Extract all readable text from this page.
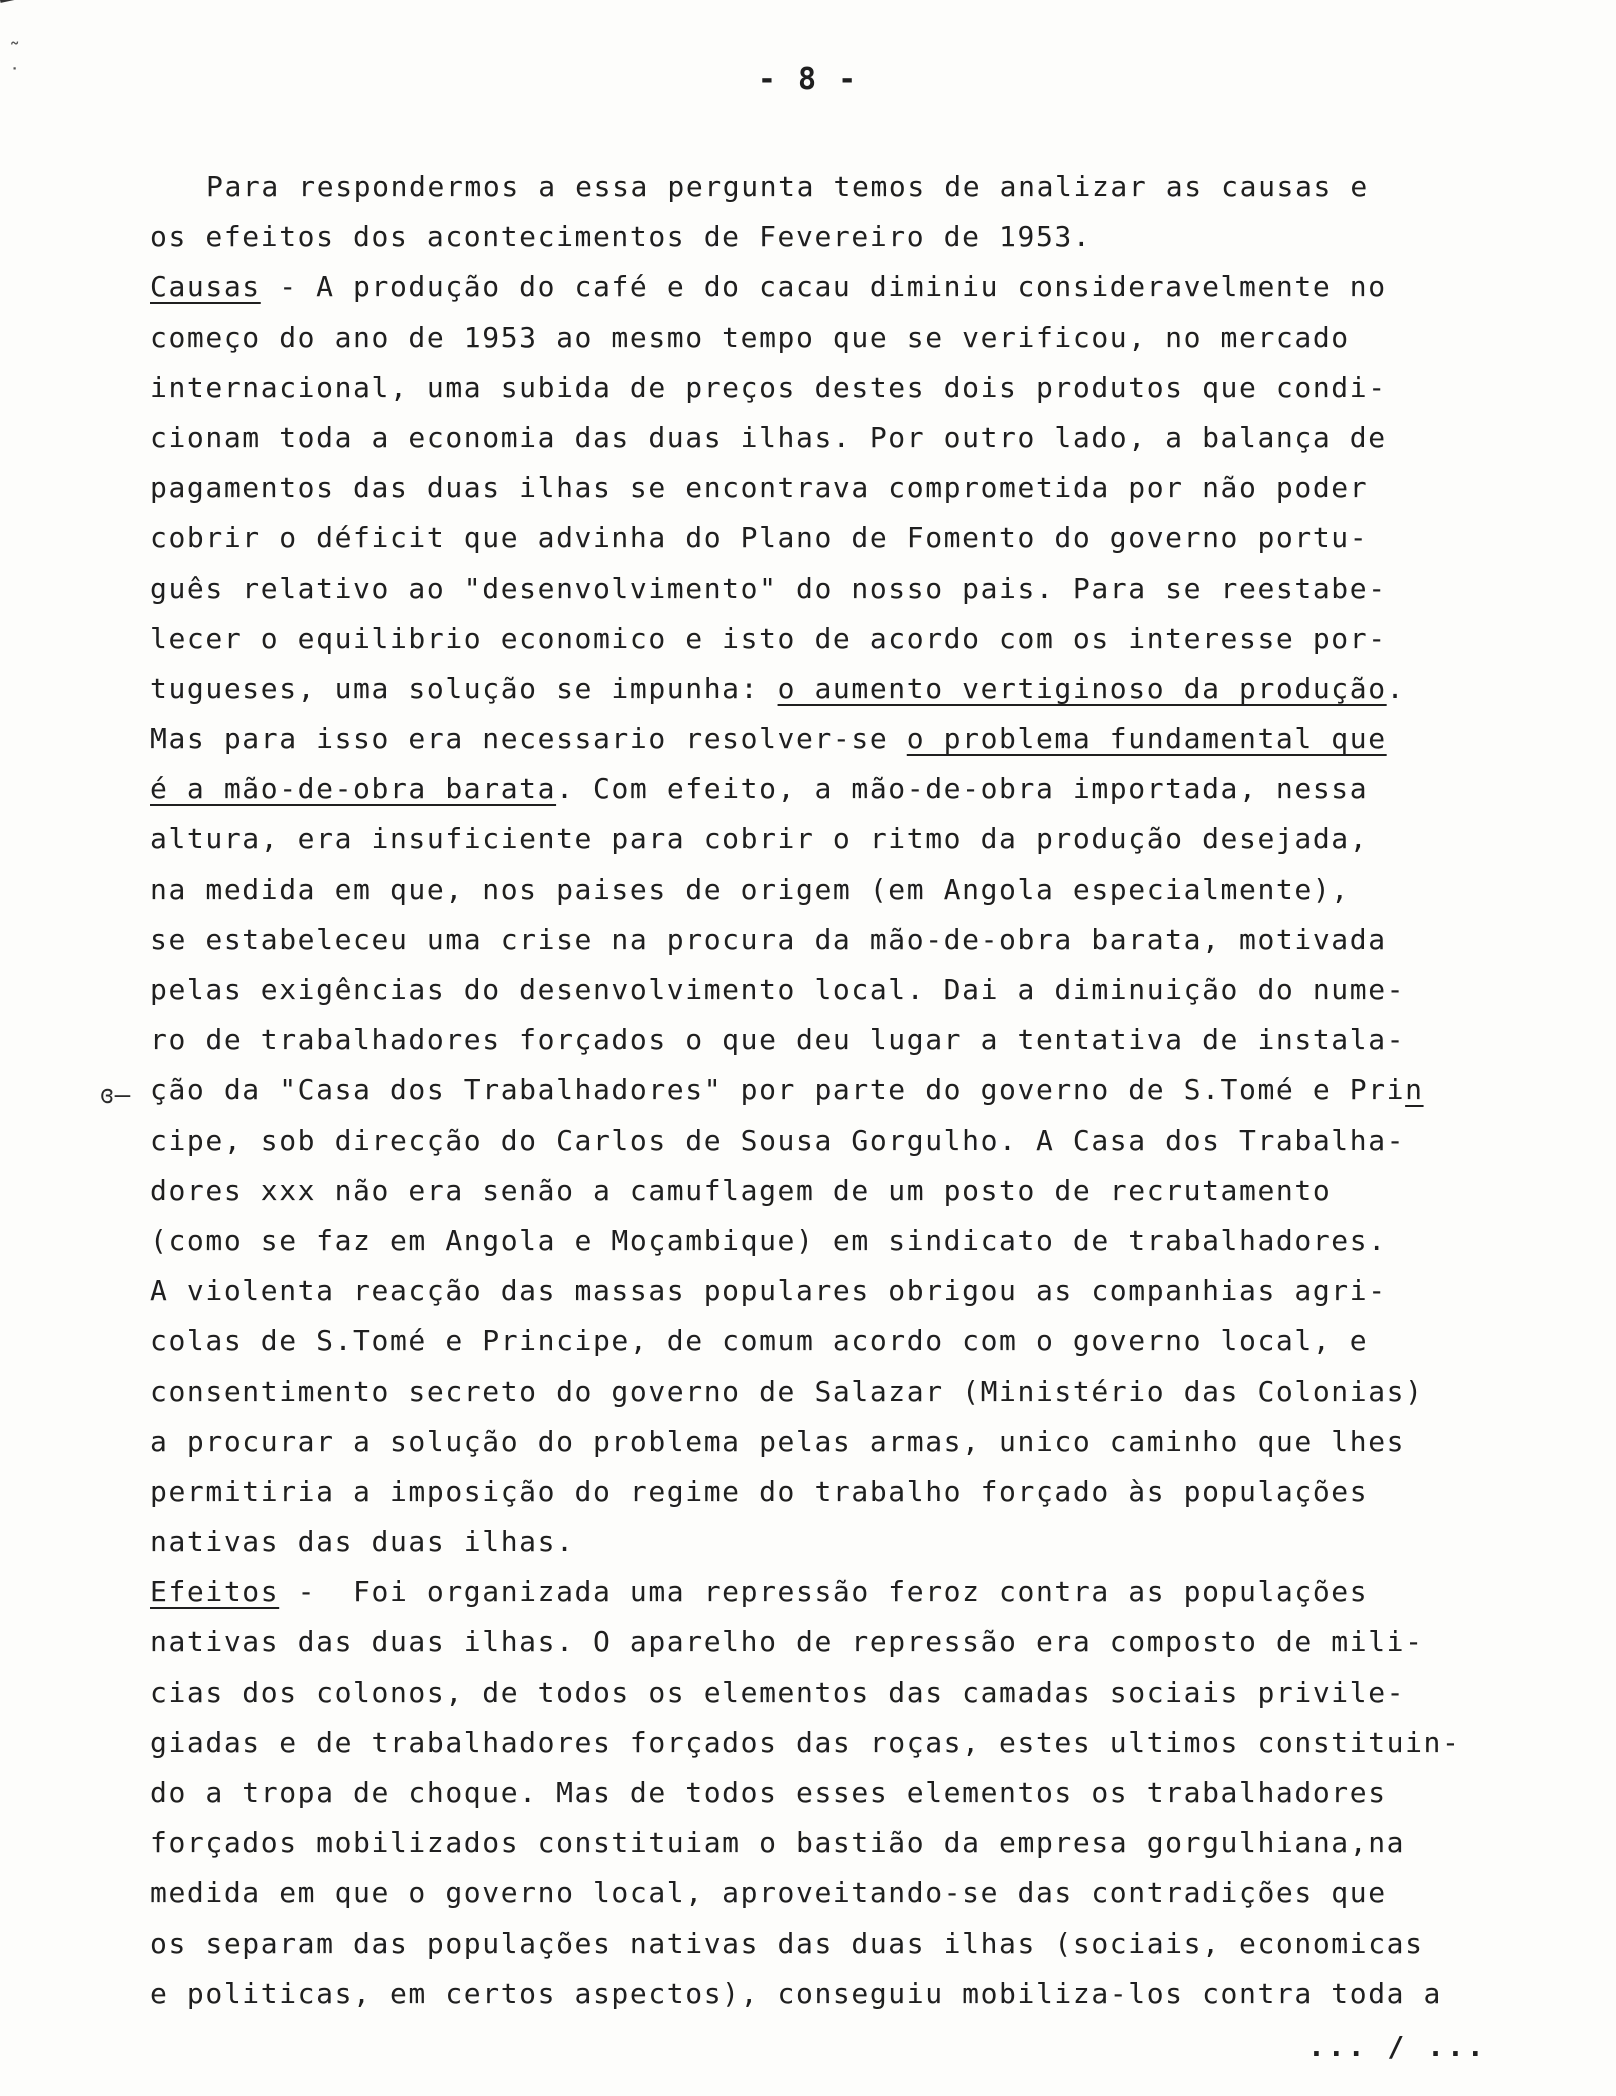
˜ ˙	- 8 -
ɞ–
Para respondermos a essa pergunta temos de analizar as causas e
os efeitos dos acontecimentos de Fevereiro de 1953.
Causas - A produção do café e do cacau diminiu consideravelmente no
começo do ano de 1953 ao mesmo tempo que se verificou, no mercado
internacional, uma subida de preços destes dois produtos que condi-
cionam toda a economia das duas ilhas. Por outro lado, a balança de
pagamentos das duas ilhas se encontrava comprometida por não poder
cobrir o déficit que advinha do Plano de Fomento do governo portu-
guês relativo ao "desenvolvimento" do nosso pais. Para se reestabe-
lecer o equilibrio economico e isto de acordo com os interesse por-
tugueses, uma solução se impunha: o aumento vertiginoso da produção.
Mas para isso era necessario resolver-se o problema fundamental que
é a mão-de-obra barata. Com efeito, a mão-de-obra importada, nessa
altura, era insuficiente para cobrir o ritmo da produção desejada,
na medida em que, nos paises de origem (em Angola especialmente),
se estabeleceu uma crise na procura da mão-de-obra barata, motivada
pelas exigências do desenvolvimento local. Dai a diminuição do nume-
ro de trabalhadores forçados o que deu lugar a tentativa de instala-
ção da "Casa dos Trabalhadores" por parte do governo de S.Tomé e Prin
cipe, sob direcção do Carlos de Sousa Gorgulho. A Casa dos Trabalha-
dores xxx não era senão a camuflagem de um posto de recrutamento
(como se faz em Angola e Moçambique) em sindicato de trabalhadores.
A violenta reacção das massas populares obrigou as companhias agri-
colas de S.Tomé e Principe, de comum acordo com o governo local, e
consentimento secreto do governo de Salazar (Ministério das Colonias)
a procurar a solução do problema pelas armas, unico caminho que lhes
permitiria a imposição do regime do trabalho forçado às populações
nativas das duas ilhas.
Efeitos -  Foi organizada uma repressão feroz contra as populações
nativas das duas ilhas. O aparelho de repressão era composto de mili-
cias dos colonos, de todos os elementos das camadas sociais privile-
giadas e de trabalhadores forçados das roças, estes ultimos constituin-
do a tropa de choque. Mas de todos esses elementos os trabalhadores
forçados mobilizados constituiam o bastião da empresa gorgulhiana,na
medida em que o governo local, aproveitando-se das contradições que
os separam das populações nativas das duas ilhas (sociais, economicas
e politicas, em certos aspectos), conseguiu mobiliza-los contra toda a
... / ...
